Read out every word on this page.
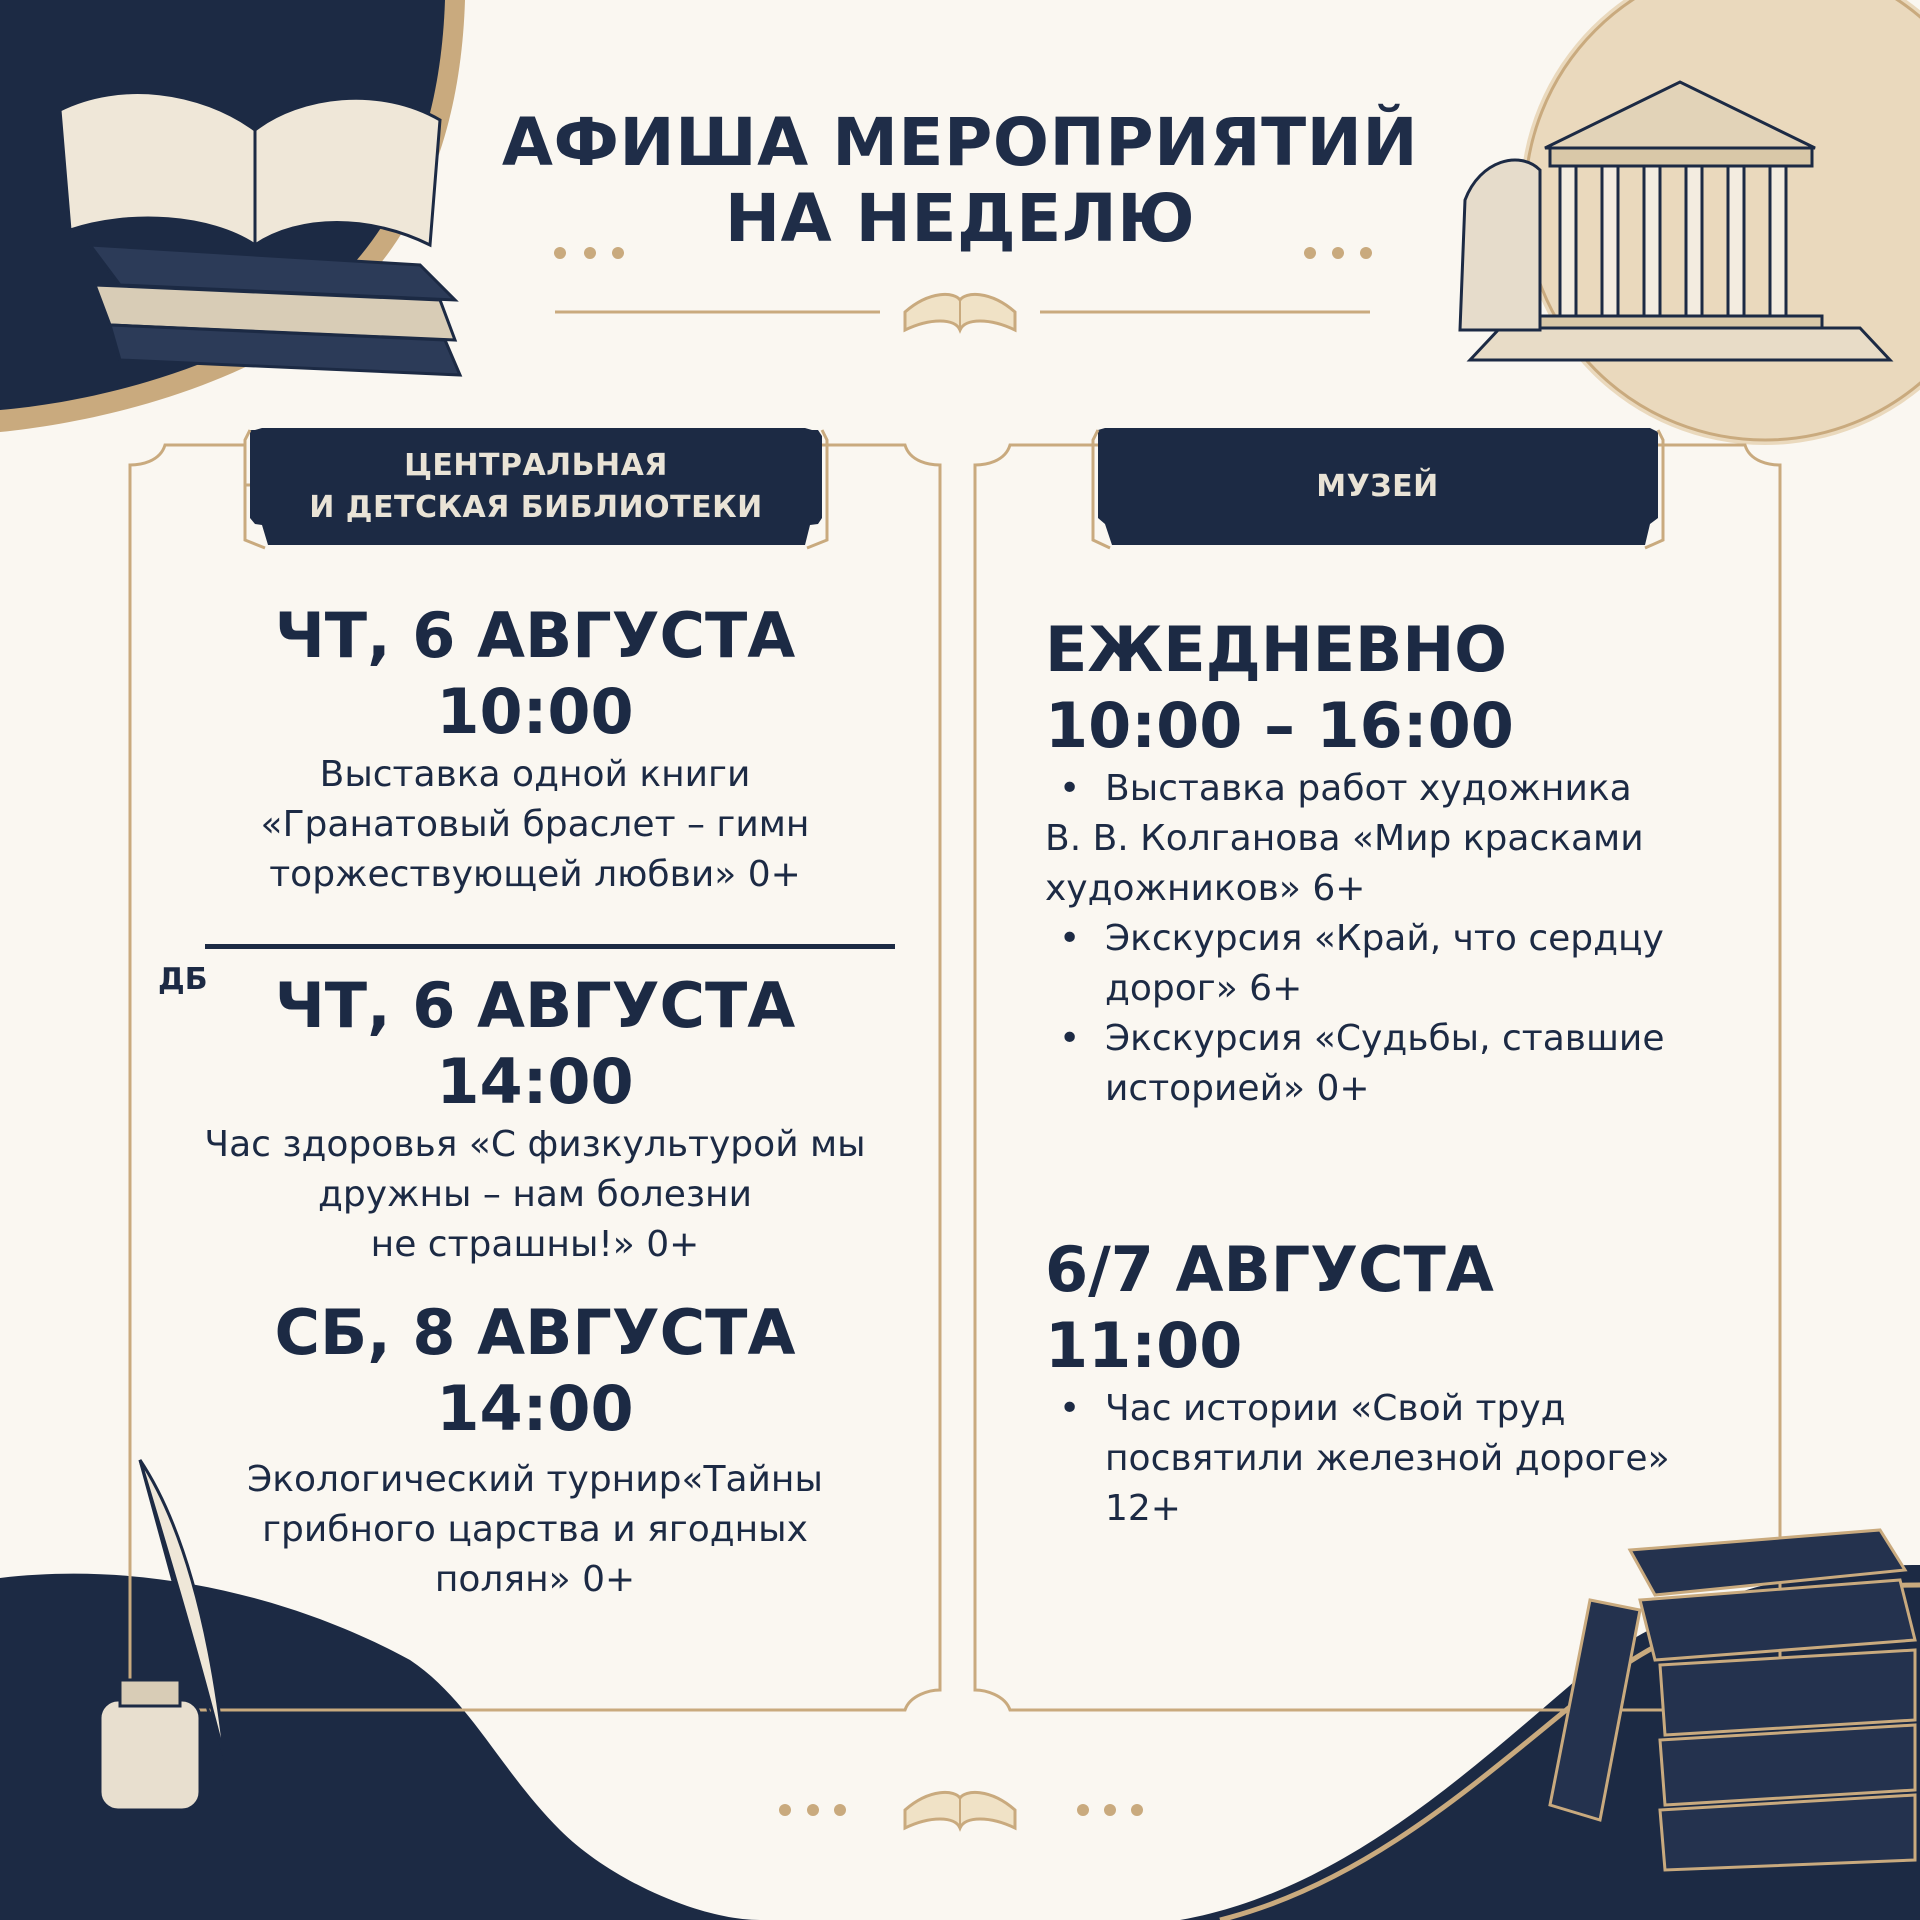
АФИША МЕРОПРИЯТИЙ
НА НЕДЕЛЮ
ЦЕНТРАЛЬНАЯ
И ДЕТСКАЯ БИБЛИОТЕКИ
МУЗЕЙ
ЧТ, 6 АВГУСТА
10:00
Выставка одной книги
«Гранатовый браслет – гимн
торжествующей любви» 0+
ДБ	ЧТ, 6 АВГУСТА
14:00
Час здоровья «С физкультурой мы
дружны – нам болезни
не страшны!» 0+
СБ, 8 АВГУСТА
14:00
Экологический турнир«Тайны
грибного царства и ягодных
полян» 0+
ЕЖЕДНЕВНО
10:00 – 16:00
• Выставка работ художника
В. В. Колганова «Мир красками
художников» 6+
• Экскурсия «Край, что сердцу дорог» 6+
• Экскурсия «Судьбы, ставшие историей» 0+
6/7 АВГУСТА
11:00
• Час истории «Свой труд посвятили железной дороге» 12+
